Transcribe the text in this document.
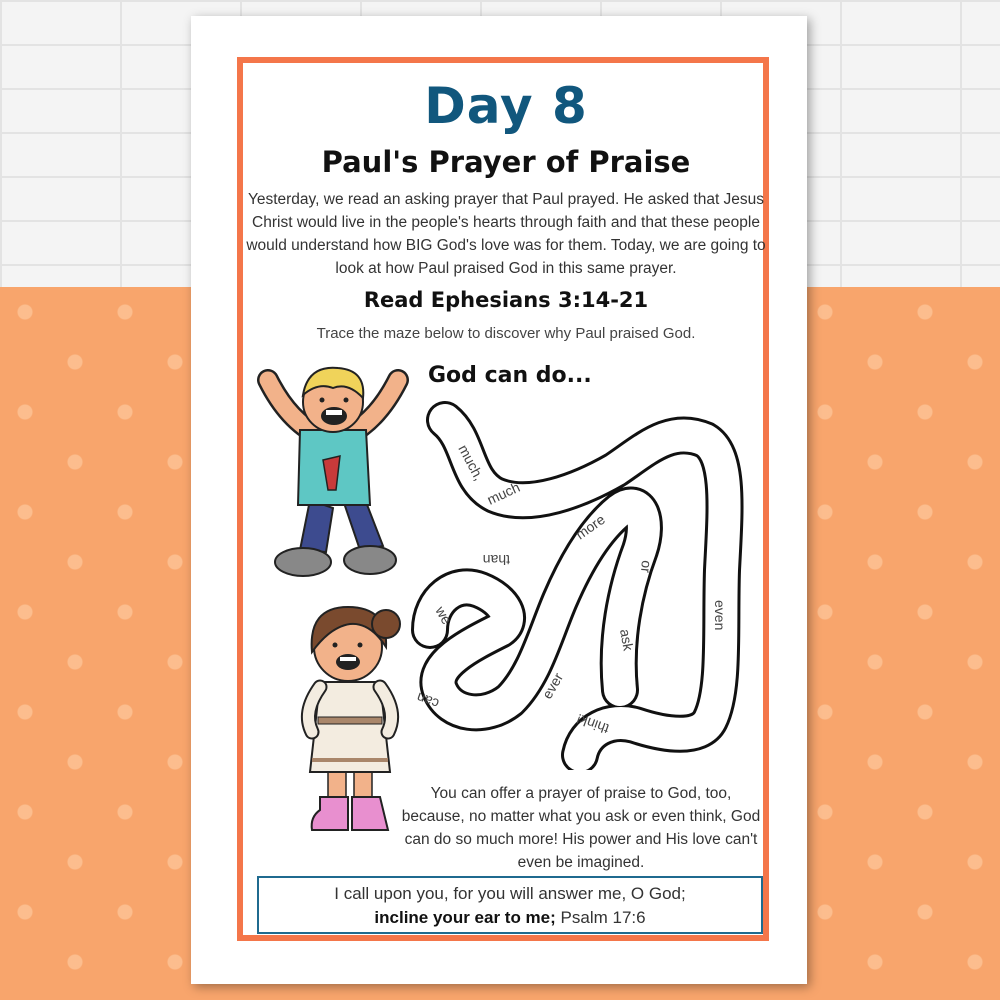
Day 8
Paul's Prayer of Praise
Yesterday, we read an asking prayer that Paul prayed. He asked that Jesus Christ would live in the people's hearts through faith and that these people would understand how BIG God's love was for them. Today, we are going to look at how Paul praised God in this same prayer.
Read Ephesians 3:14-21
Trace the maze below to discover why Paul praised God.
God can do...
much,
much
more
than
we
can	ever
ask
or
even
think!
You can offer a prayer of praise to God, too, because, no matter what you ask or even think, God can do so much more! His power and His love can't even be imagined.
I call upon you, for you will answer me, O God;
incline your ear to me; Psalm 17:6
